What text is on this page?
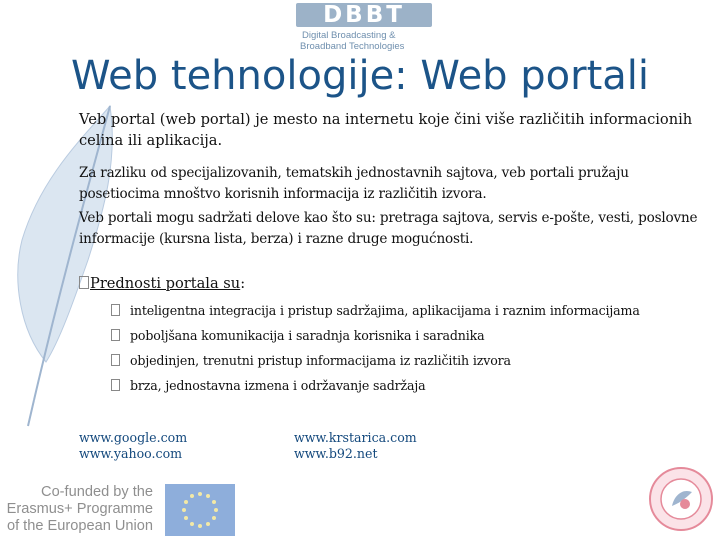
DBBT
Digital Broadcasting &
Broadband Technologies
Web tehnologije: Web portali
Veb portal (web portal) je mesto na internetu koje čini više različitih informacionih celina ili aplikacija.
Za razliku od specijalizovanih, tematskih jednostavnih sajtova, veb portali pružaju posetiocima mnoštvo korisnih informacija iz različitih izvora.
Veb portali mogu sadržati delove kao što su: pretraga sajtova, servis e-pošte, vesti, poslovne informacije (kursna lista, berza) i razne druge mogućnosti.
Prednosti portala su:
inteligentna integracija i pristup sadržajima, aplikacijama i raznim informacijama
poboljšana komunikacija i saradnja korisnika i saradnika
objedinjen, trenutni pristup informacijama iz različitih izvora
brza, jednostavna izmena i održavanje sadržaja
www.google.com
www.yahoo.com
www.krstarica.com
www.b92.net
Co-funded by the
Erasmus+ Programme
of the European Union
